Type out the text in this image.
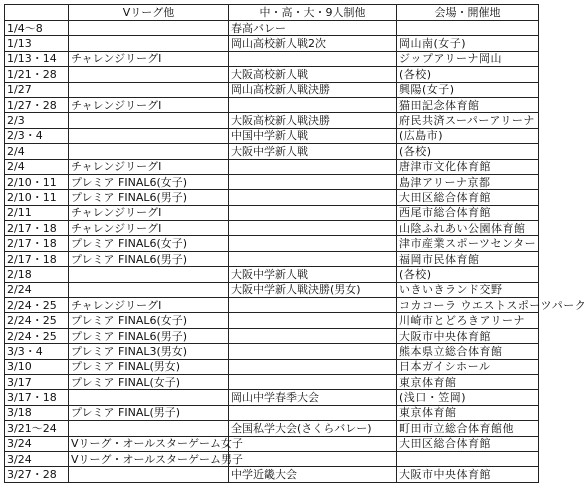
	Vリーグ他	中・高・大・9人制他	会場・開催地
1/4〜8		春高バレー	
1/13		岡山高校新人戦2次	岡山南(女子)
1/13・14	チャレンジリーグⅠ		ジップアリーナ岡山
1/21・28		大阪高校新人戦	(各校)
1/27		岡山高校新人戦決勝	興陽(女子)
1/27・28	チャレンジリーグⅠ		猫田記念体育館
2/3		大阪高校新人戦決勝	府民共済スーパーアリーナ
2/3・4		中国中学新人戦	(広島市)
2/4		大阪中学新人戦	(各校)
2/4	チャレンジリーグⅠ		唐津市文化体育館
2/10・11	プレミア FINAL6(女子)		島津アリーナ京都
2/10・11	プレミア FINAL6(男子)		大田区総合体育館
2/11	チャレンジリーグⅠ		西尾市総合体育館
2/17・18	チャレンジリーグⅠ		山陰ふれあい公園体育館
2/17・18	プレミア FINAL6(女子)		津市産業スポーツセンター
2/17・18	プレミア FINAL6(男子)		福岡市民体育館
2/18		大阪中学新人戦	(各校)
2/24		大阪中学新人戦決勝(男女)	いきいきランド交野
2/24・25	チャレンジリーグⅠ		コカコーラ ウエストスポーツパーク
2/24・25	プレミア FINAL6(女子)		川崎市とどろきアリーナ
2/24・25	プレミア FINAL6(男子)		大阪市中央体育館
3/3・4	プレミア FINAL3(男女)		熊本県立総合体育館
3/10	プレミア FINAL(男女)		日本ガイシホール
3/17	プレミア FINAL(女子)		東京体育館
3/17・18		岡山中学春季大会	(浅口・笠岡)
3/18	プレミア FINAL(男子)		東京体育館
3/21〜24		全国私学大会(さくらバレー)	町田市立総合体育館他
3/24	Vリーグ・オールスターゲーム女子		大田区総合体育館
3/24	Vリーグ・オールスターゲーム男子		
3/27・28		中学近畿大会	大阪市中央体育館
